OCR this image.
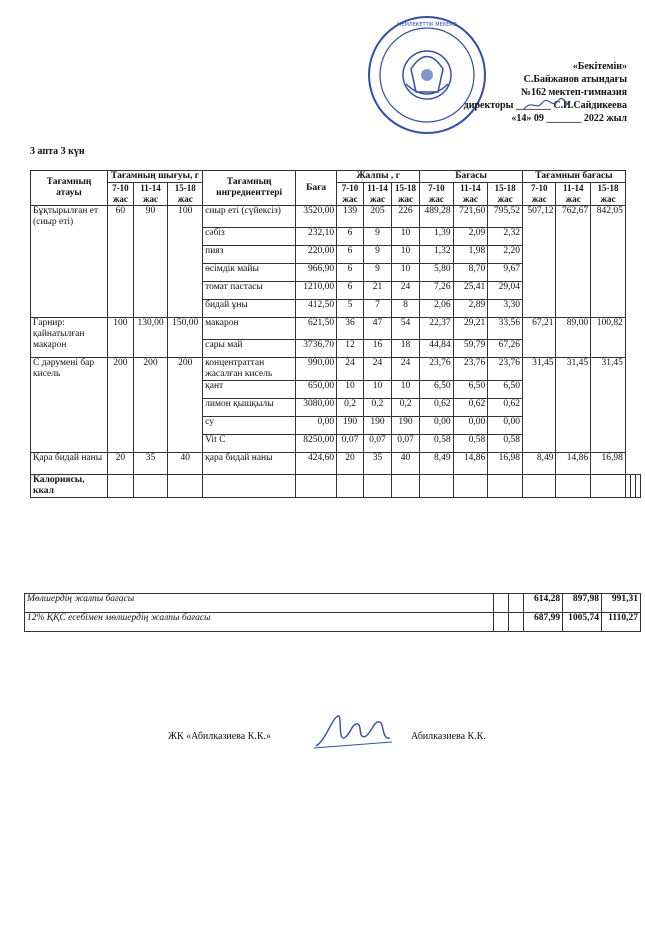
МЕМЛЕКЕТТІК МЕКЕМЕ
«Бекітемін»
С.Байжанов атындағы
№162 мектеп-гимназия
директоры _______ С.И.Сайдикеева
«14» 09 _______ 2022 жыл
3 апта 3 күн
Тағамның атауы	Тағамның шығуы, г			Тағамның ингредиенттері	Баға	Жалпы , г			Бағасы			Тағамнын бағасы					
	7-10 жас	11-14 жас	15-18 жас			7-10 жас	11-14 жас	15-18 жас	7-10 жас	11-14 жас	15-18 жас	7-10 жас	11-14 жас	15-18 жас			
Бұқтырылған ет (сиыр еті)	60	90	100	сиыр еті (сүйексіз)	3520,00	139	205	226	489,28	721,60	795,52	507,12	762,67	842,05			
				сәбіз	232,10	6	9	10	1,39	2,09	2,32						
				пияз	220,00	6	9	10	1,32	1,98	2,20						
				өсімдік майы	966,90	6	9	10	5,80	8,70	9,67						
				томат пастасы	1210,00	6	21	24	7,26	25,41	29,04						
				бидай ұны	412,50	5	7	8	2,06	2,89	3,30						
Гарнир: қайнатылған макарон	100	130,00	150,00	макарон	621,50	36	47	54	22,37	29,21	33,56	67,21	89,00	100,82			
				сары май	3736,70	12	16	18	44,84	59,79	67,26						
С дәрумені бар кисель	200	200	200	концентраттан жасалған кисель	990,00	24	24	24	23,76	23,76	23,76	31,45	31,45	31,45			
				қант	650,00	10	10	10	6,50	6,50	6,50						
				лимон қышқылы	3080,00	0,2	0,2	0,2	0,62	0,62	0,62						
				су	0,00	190	190	190	0,00	0,00	0,00						
				Vit C	8250,00	0,07	0,07	0,07	0,58	0,58	0,58						
Қара бидай наны	20	35	40	қара бидай наны	424,60	20	35	40	8,49	14,86	16,98	8,49	14,86	16,98			
Калориясы, ккал																	
Мөлшердің жалпы бағасы			614,28	897,98	991,31
12% ҚҚС есебімен мөлшердің жалпы бағасы			687,99	1005,74	1110,27
ЖК «Абилказиева К.К.»	Абилказиева К.К.
